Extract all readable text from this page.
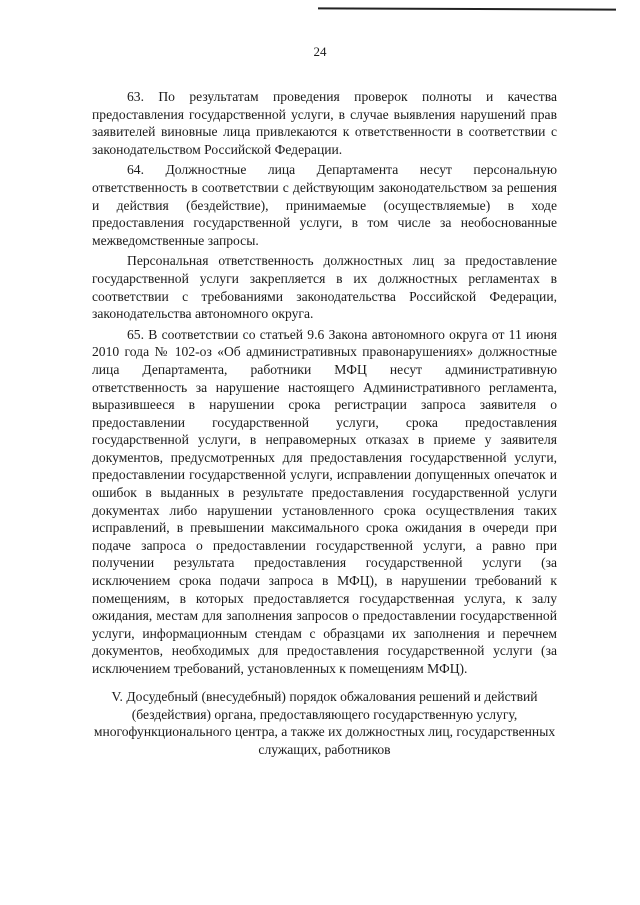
24

63. По результатам проведения проверок полноты и качества предоставления государственной услуги, в случае выявления нарушений прав заявителей виновные лица привлекаются к ответственности в соответствии с законодательством Российской Федерации.

64. Должностные лица Департамента несут персональную ответственность в соответствии с действующим законодательством за решения и действия (бездействие), принимаемые (осуществляемые) в ходе предоставления государственной услуги, в том числе за необоснованные межведомственные запросы.

Персональная ответственность должностных лиц за предоставление государственной услуги закрепляется в их должностных регламентах в соответствии с требованиями законодательства Российской Федерации, законодательства автономного округа.

65. В соответствии со статьей 9.6 Закона автономного округа от 11 июня 2010 года № 102-оз «Об административных правонарушениях» должностные лица Департамента, работники МФЦ несут административную ответственность за нарушение настоящего Административного регламента, выразившееся в нарушении срока регистрации запроса заявителя о предоставлении государственной услуги, срока предоставления государственной услуги, в неправомерных отказах в приеме у заявителя документов, предусмотренных для предоставления государственной услуги, предоставлении государственной услуги, исправлении допущенных опечаток и ошибок в выданных в результате предоставления государственной услуги документах либо нарушении установленного срока осуществления таких исправлений, в превышении максимального срока ожидания в очереди при подаче запроса о предоставлении государственной услуги, а равно при получении результата предоставления государственной услуги (за исключением срока подачи запроса в МФЦ), в нарушении требований к помещениям, в которых предоставляется государственная услуга, к залу ожидания, местам для заполнения запросов о предоставлении государственной услуги, информационным стендам с образцами их заполнения и перечнем документов, необходимых для предоставления государственной услуги (за исключением требований, установленных к помещениям МФЦ).

V. Досудебный (внесудебный) порядок обжалования решений и действий (бездействия) органа, предоставляющего государственную услугу, многофункционального центра, а также их должностных лиц, государственных служащих, работников
